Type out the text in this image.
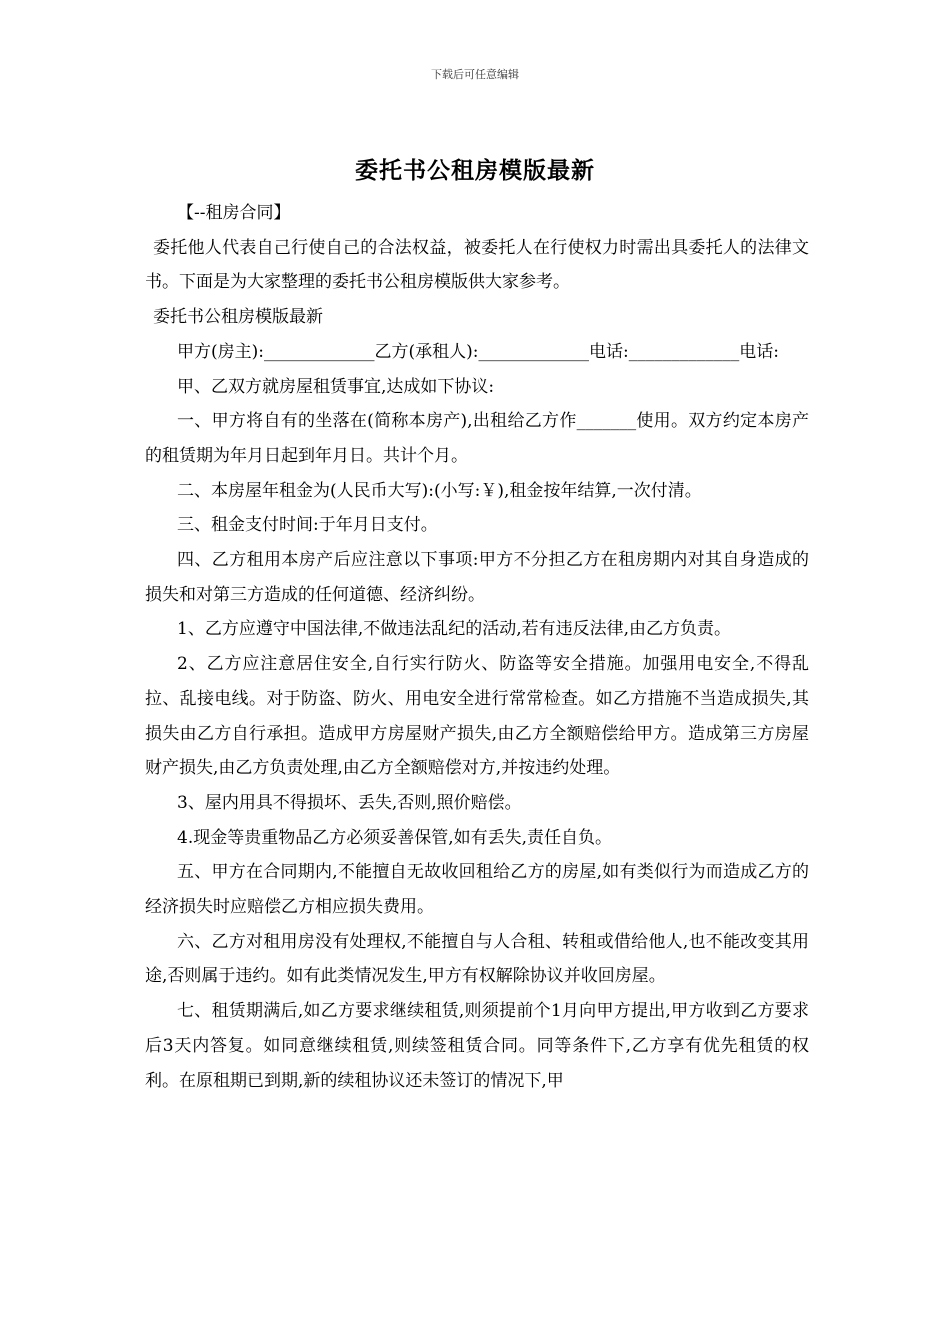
下载后可任意编辑
委托书公租房模版最新

【--租房合同】

委托他人代表自己行使自己的合法权益，被委托人在行使权力时需出具委托人的法律文书。下面是为大家整理的委托书公租房模版供大家参考。

委托书公租房模版最新

甲方(房主):_____________乙方(承租人):_____________电话:_____________电话:

甲、乙双方就房屋租赁事宜,达成如下协议:

一、甲方将自有的坐落在(简称本房产),出租给乙方作_______使用。双方约定本房产的租赁期为年月日起到年月日。共计个月。

二、本房屋年租金为(人民币大写):(小写:￥),租金按年结算,一次付清。

三、租金支付时间:于年月日支付。

四、乙方租用本房产后应注意以下事项:甲方不分担乙方在租房期内对其自身造成的损失和对第三方造成的任何道德、经济纠纷。

1、乙方应遵守中国法律,不做违法乱纪的活动,若有违反法律,由乙方负责。

2、乙方应注意居住安全,自行实行防火、防盗等安全措施。加强用电安全,不得乱拉、乱接电线。对于防盗、防火、用电安全进行常常检查。如乙方措施不当造成损失,其损失由乙方自行承担。造成甲方房屋财产损失,由乙方全额赔偿给甲方。造成第三方房屋财产损失,由乙方负责处理,由乙方全额赔偿对方,并按违约处理。

3、屋内用具不得损坏、丢失,否则,照价赔偿。

4.现金等贵重物品乙方必须妥善保管,如有丢失,责任自负。

五、甲方在合同期内,不能擅自无故收回租给乙方的房屋,如有类似行为而造成乙方的经济损失时应赔偿乙方相应损失费用。

六、乙方对租用房没有处理权,不能擅自与人合租、转租或借给他人,也不能改变其用途,否则属于违约。如有此类情况发生,甲方有权解除协议并收回房屋。

七、租赁期满后,如乙方要求继续租赁,则须提前个1月向甲方提出,甲方收到乙方要求后3天内答复。如同意继续租赁,则续签租赁合同。同等条件下,乙方享有优先租赁的权利。在原租期已到期,新的续租协议还未签订的情况下,甲
